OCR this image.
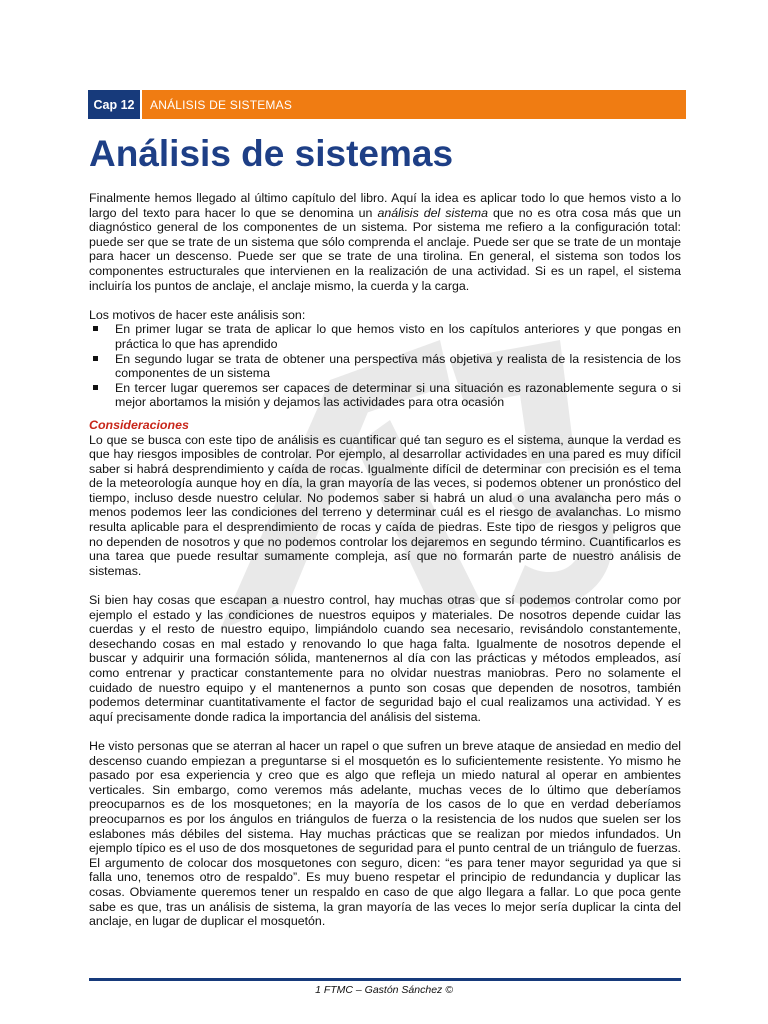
Cap 12	ANÁLISIS DE SISTEMAS
Análisis de sistemas

Finalmente hemos llegado al último capítulo del libro. Aquí la idea es aplicar todo lo que hemos visto a lo largo del texto para hacer lo que se denomina un análisis del sistema que no es otra cosa más que un diagnóstico general de los componentes de un sistema. Por sistema me refiero a la configuración total: puede ser que se trate de un sistema que sólo comprenda el anclaje. Puede ser que se trate de un montaje para hacer un descenso. Puede ser que se trate de una tirolina. En general, el sistema son todos los componentes estructurales que intervienen en la realización de una actividad. Si es un rapel, el sistema incluiría los puntos de anclaje, el anclaje mismo, la cuerda y la carga.

Los motivos de hacer este análisis son:
En primer lugar se trata de aplicar lo que hemos visto en los capítulos anteriores y que pongas en práctica lo que has aprendido
En segundo lugar se trata de obtener una perspectiva más objetiva y realista de la resistencia de los componentes de un sistema
En tercer lugar queremos ser capaces de determinar si una situación es razonablemente segura o si mejor abortamos la misión y dejamos las actividades para otra ocasión
Consideraciones

Lo que se busca con este tipo de análisis es cuantificar qué tan seguro es el sistema, aunque la verdad es que hay riesgos imposibles de controlar. Por ejemplo, al desarrollar actividades en una pared es muy difícil saber si habrá desprendimiento y caída de rocas. Igualmente difícil de determinar con precisión es el tema de la meteorología aunque hoy en día, la gran mayoría de las veces, si podemos obtener un pronóstico del tiempo, incluso desde nuestro celular. No podemos saber si habrá un alud o una avalancha pero más o menos podemos leer las condiciones del terreno y determinar cuál es el riesgo de avalanchas. Lo mismo resulta aplicable para el desprendimiento de rocas y caída de piedras. Este tipo de riesgos y peligros que no dependen de nosotros y que no podemos controlar los dejaremos en segundo término. Cuantificarlos es una tarea que puede resultar sumamente compleja, así que no formarán parte de nuestro análisis de sistemas.

Si bien hay cosas que escapan a nuestro control, hay muchas otras que sí podemos controlar como por ejemplo el estado y las condiciones de nuestros equipos y materiales. De nosotros depende cuidar las cuerdas y el resto de nuestro equipo, limpiándolo cuando sea necesario, revisándolo constantemente, desechando cosas en mal estado y renovando lo que haga falta. Igualmente de nosotros depende el buscar y adquirir una formación sólida, mantenernos al día con las prácticas y métodos empleados, así como entrenar y practicar constantemente para no olvidar nuestras maniobras. Pero no solamente el cuidado de nuestro equipo y el mantenernos a punto son cosas que dependen de nosotros, también podemos determinar cuantitativamente el factor de seguridad bajo el cual realizamos una actividad. Y es aquí precisamente donde radica la importancia del análisis del sistema.

He visto personas que se aterran al hacer un rapel o que sufren un breve ataque de ansiedad en medio del descenso cuando empiezan a preguntarse si el mosquetón es lo suficientemente resistente. Yo mismo he pasado por esa experiencia y creo que es algo que refleja un miedo natural al operar en ambientes verticales. Sin embargo, como veremos más adelante, muchas veces de lo último que deberíamos preocuparnos es de los mosquetones; en la mayoría de los casos de lo que en verdad deberíamos preocuparnos es por los ángulos en triángulos de fuerza o la resistencia de los nudos que suelen ser los eslabones más débiles del sistema. Hay muchas prácticas que se realizan por miedos infundados. Un ejemplo típico es el uso de dos mosquetones de seguridad para el punto central de un triángulo de fuerzas. El argumento de colocar dos mosquetones con seguro, dicen: “es para tener mayor seguridad ya que si falla uno, tenemos otro de respaldo”. Es muy bueno respetar el principio de redundancia y duplicar las cosas. Obviamente queremos tener un respaldo en caso de que algo llegara a fallar. Lo que poca gente sabe es que, tras un análisis de sistema, la gran mayoría de las veces lo mejor sería duplicar la cinta del anclaje, en lugar de duplicar el mosquetón.

1 FTMC – Gastón Sánchez ©
